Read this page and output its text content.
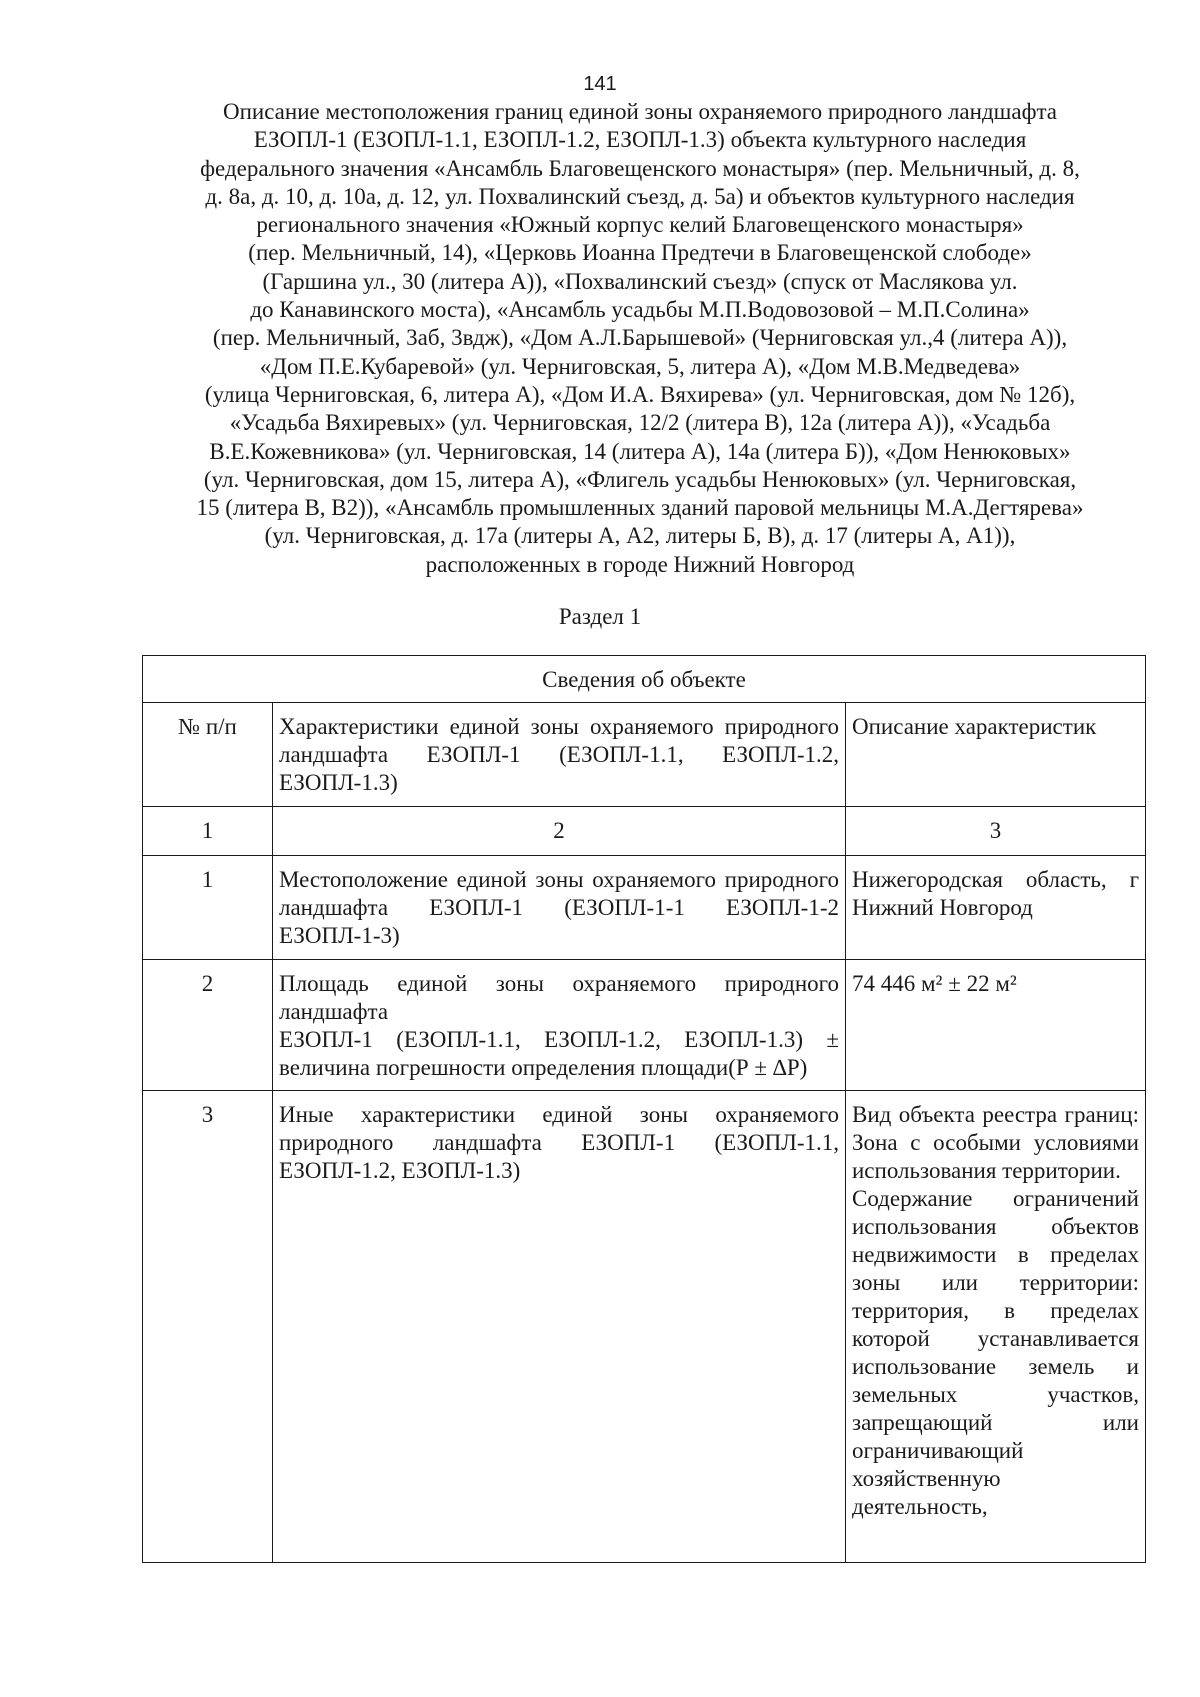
141
Описание местоположения границ единой зоны охраняемого природного ландшафта
ЕЗОПЛ-1 (ЕЗОПЛ-1.1, ЕЗОПЛ-1.2, ЕЗОПЛ-1.3) объекта культурного наследия
федерального значения «Ансамбль Благовещенского монастыря» (пер. Мельничный, д. 8,
д. 8а, д. 10, д. 10а, д. 12, ул. Похвалинский съезд, д. 5а) и объектов культурного наследия
регионального значения «Южный корпус келий Благовещенского монастыря»
(пер. Мельничный, 14), «Церковь Иоанна Предтечи в Благовещенской слободе»
(Гаршина ул., 30 (литера А)), «Похвалинский съезд» (спуск от Маслякова ул.
до Канавинского моста), «Ансамбль усадьбы М.П.Водовозовой – М.П.Солина»
(пер. Мельничный, 3аб, 3вдж), «Дом А.Л.Барышевой» (Черниговская ул.,4 (литера А)),
«Дом П.Е.Кубаревой» (ул. Черниговская, 5, литера А), «Дом М.В.Медведева»
(улица Черниговская, 6, литера А), «Дом И.А. Вяхирева» (ул. Черниговская, дом № 12б),
«Усадьба Вяхиревых» (ул. Черниговская, 12/2 (литера В), 12а (литера А)), «Усадьба
В.Е.Кожевникова» (ул. Черниговская, 14 (литера А), 14а (литера Б)), «Дом Ненюковых»
(ул. Черниговская, дом 15, литера А), «Флигель усадьбы Ненюковых» (ул. Черниговская,
15 (литера В, В2)), «Ансамбль промышленных зданий паровой мельницы М.А.Дегтярева»
(ул. Черниговская, д. 17а (литеры А, А2, литеры Б, В), д. 17 (литеры А, А1)),
расположенных в городе Нижний Новгород
Раздел 1
Сведения об объекте		
№ п/п	Характеристики единой зоны охраняемого природного ландшафта ЕЗОПЛ-1 (ЕЗОПЛ-1.1, ЕЗОПЛ-1.2, ЕЗОПЛ-1.3)	Описание характеристик
1	2	3
1	Местоположение единой зоны охраняемого природного ландшафта ЕЗОПЛ-1 (ЕЗОПЛ-1-1 ЕЗОПЛ-1-2 ЕЗОПЛ-1-3)	Нижегородская область, г Нижний Новгород
2	Площадь единой зоны охраняемого природного ландшафта
ЕЗОПЛ-1 (ЕЗОПЛ-1.1, ЕЗОПЛ-1.2, ЕЗОПЛ-1.3) ± величина погрешности определения площади(Р ± ∆Р)	74 446 м² ± 22 м²
3	Иные характеристики единой зоны охраняемого природного ландшафта ЕЗОПЛ-1 (ЕЗОПЛ-1.1, ЕЗОПЛ-1.2, ЕЗОПЛ-1.3)	Вид объекта реестра границ: Зона с особыми условиями использования территории.
Содержание ограничений использования объектов недвижимости в пределах зоны или территории: территория, в пределах которой устанавливается использование земель и земельных участков, запрещающий или ограничивающий хозяйственную деятельность,
